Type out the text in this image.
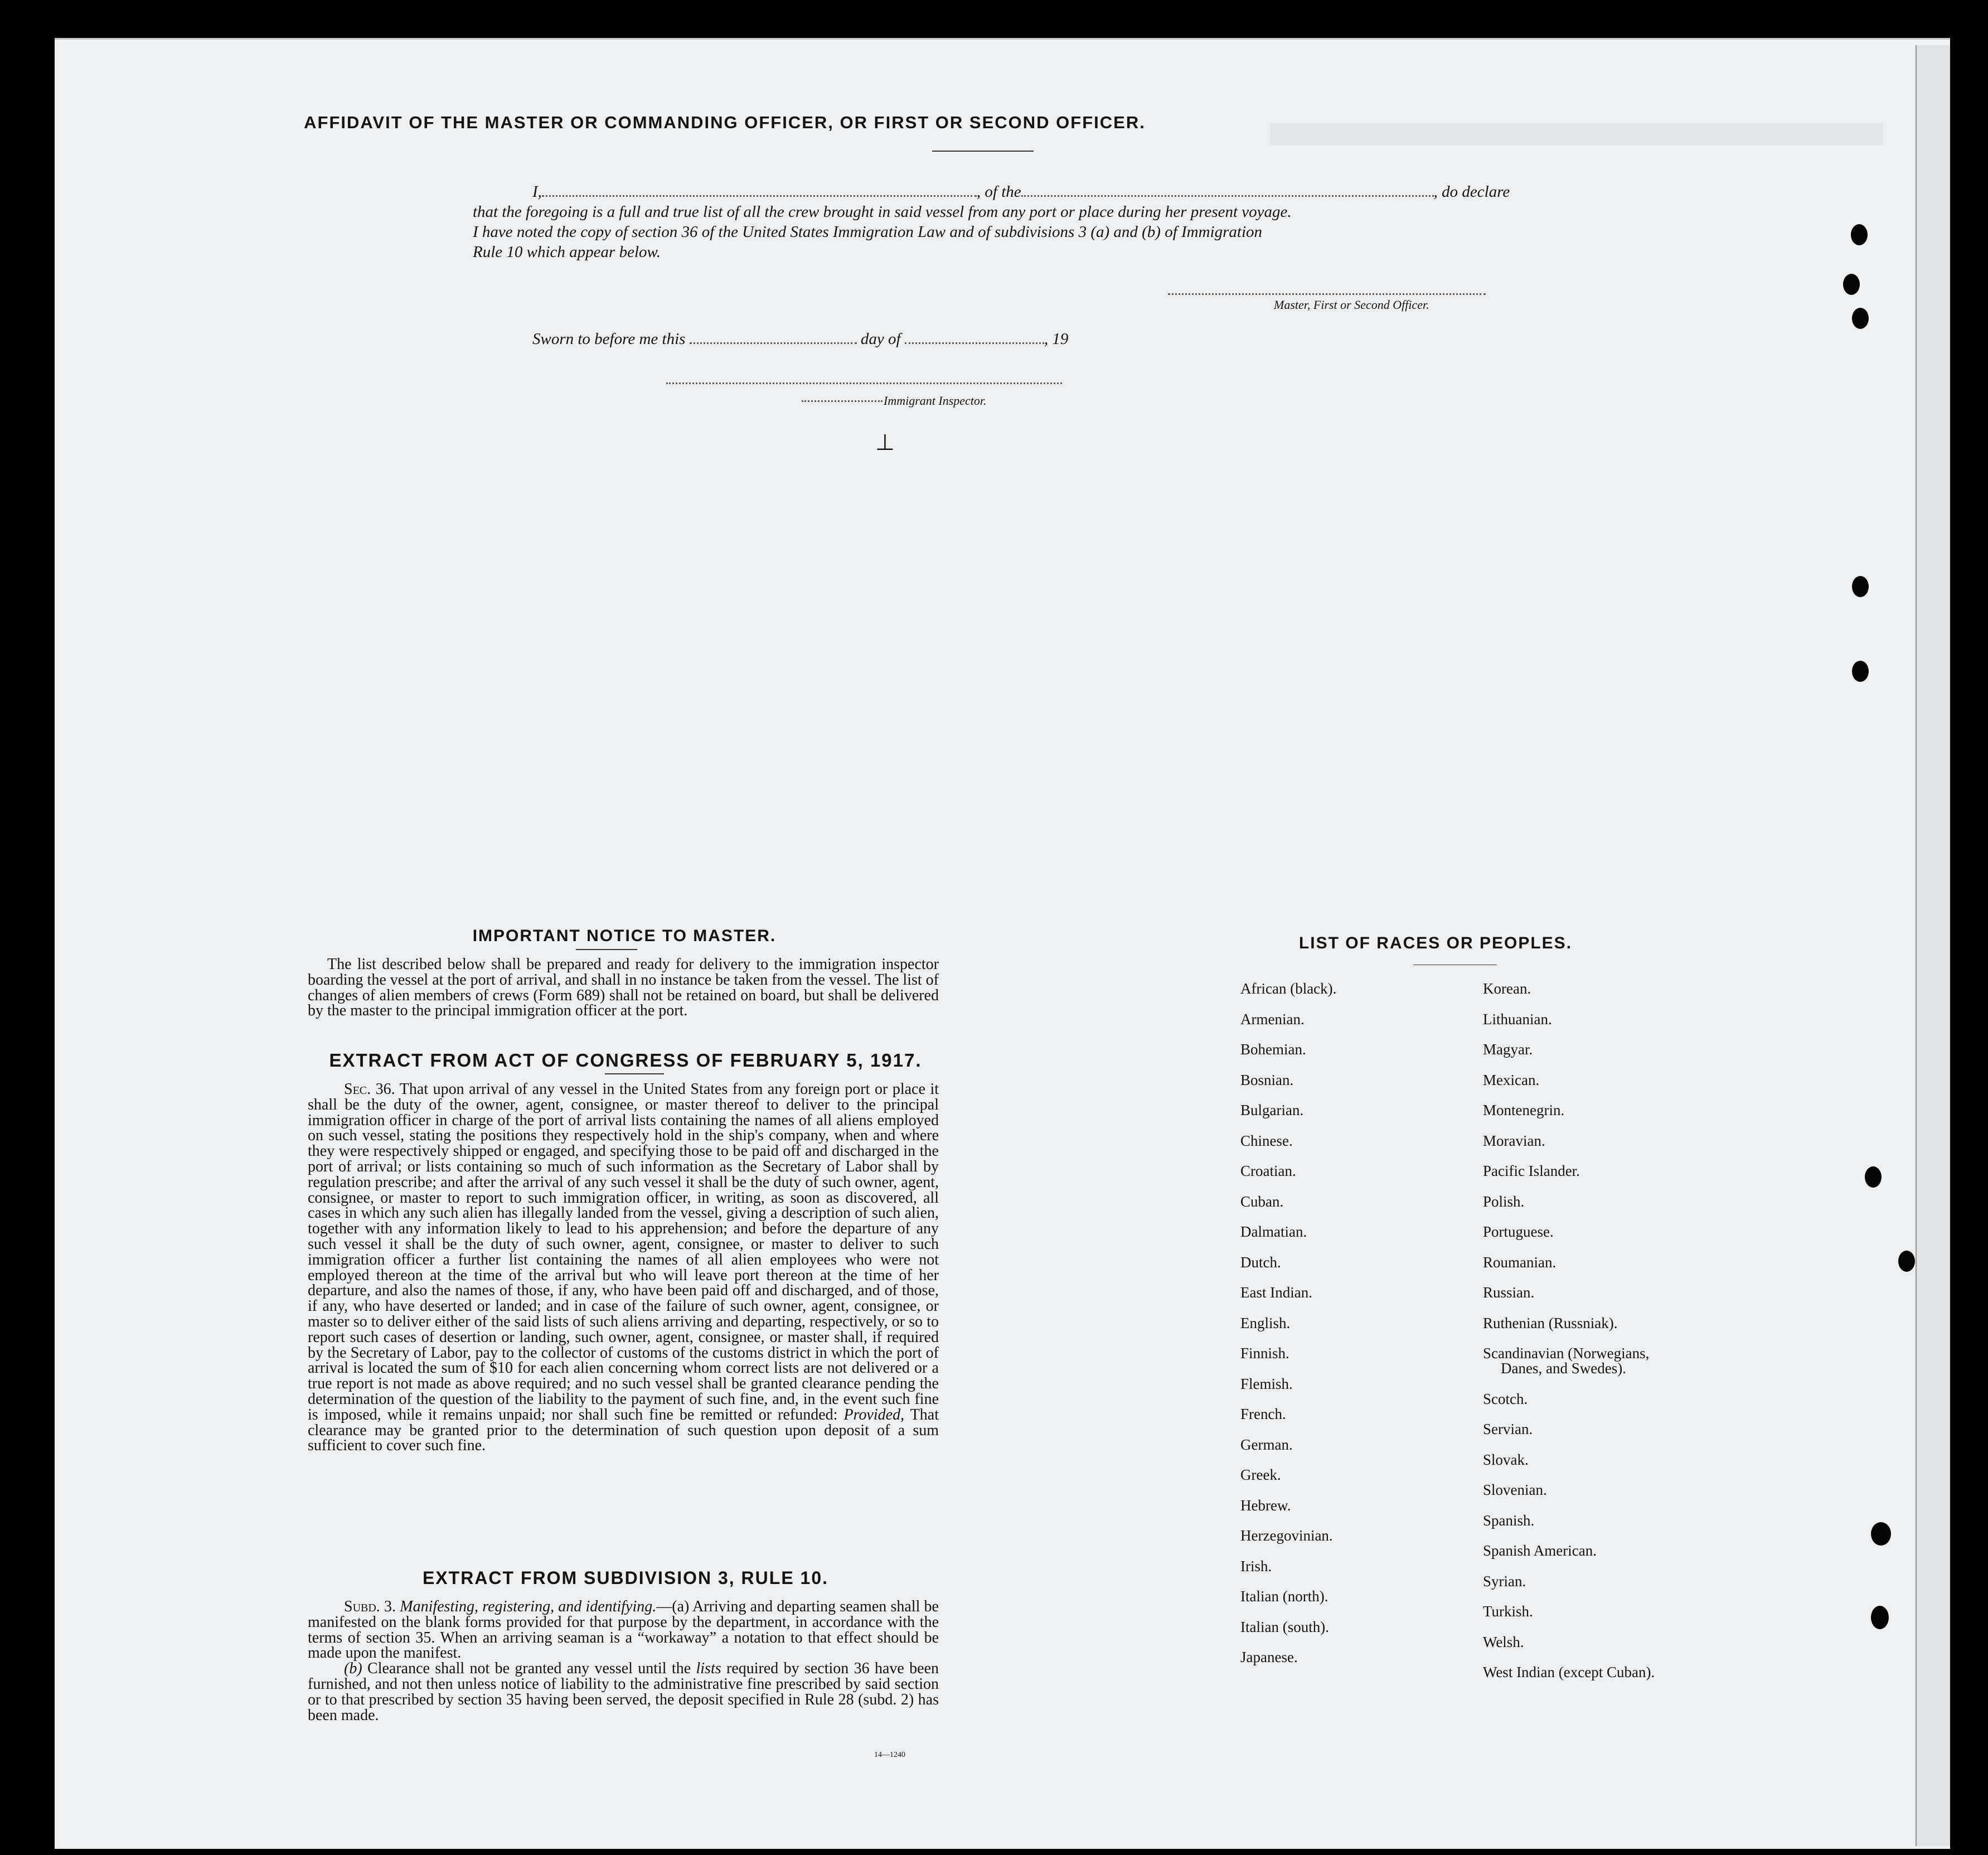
AFFIDAVIT OF THE MASTER OR COMMANDING OFFICER, OR FIRST OR SECOND OFFICER.
I,	, of the	, do declare
that the foregoing is a full and true list of all the crew brought in said vessel from any port or place during her present voyage.
I have noted the copy of section 36 of the United States Immigration Law and of subdivisions 3 (a) and (b) of Immigration
Rule 10 which appear below.
Master, First or Second Officer.
Sworn to before me this	day of	, 19
Immigrant Inspector.
⊥
IMPORTANT NOTICE TO MASTER.

The list described below shall be prepared and ready for delivery to the immigration inspector boarding the vessel at the port of arrival, and shall in no instance be taken from the vessel. The list of changes of alien members of crews (Form 689) shall not be retained on board, but shall be delivered by the master to the principal immigration officer at the port.

EXTRACT FROM ACT OF CONGRESS OF FEBRUARY 5, 1917.

Sec. 36. That upon arrival of any vessel in the United States from any foreign port or place it shall be the duty of the owner, agent, consignee, or master thereof to deliver to the principal immigration officer in charge of the port of arrival lists containing the names of all aliens employed on such vessel, stating the positions they respectively hold in the ship's company, when and where they were respectively shipped or engaged, and specifying those to be paid off and discharged in the port of arrival; or lists containing so much of such information as the Secretary of Labor shall by regulation prescribe; and after the arrival of any such vessel it shall be the duty of such owner, agent, consignee, or master to report to such immigration officer, in writing, as soon as discovered, all cases in which any such alien has illegally landed from the vessel, giving a description of such alien, together with any information likely to lead to his apprehension; and before the departure of any such vessel it shall be the duty of such owner, agent, consignee, or master to deliver to such immigration officer a further list containing the names of all alien employees who were not employed thereon at the time of the arrival but who will leave port thereon at the time of her departure, and also the names of those, if any, who have been paid off and discharged, and of those, if any, who have deserted or landed; and in case of the failure of such owner, agent, consignee, or master so to deliver either of the said lists of such aliens arriving and departing, respectively, or so to report such cases of desertion or landing, such owner, agent, consignee, or master shall, if required by the Secretary of Labor, pay to the collector of customs of the customs district in which the port of arrival is located the sum of $10 for each alien concerning whom correct lists are not delivered or a true report is not made as above required; and no such vessel shall be granted clearance pending the determination of the question of the liability to the payment of such fine, and, in the event such fine is imposed, while it remains unpaid; nor shall such fine be remitted or refunded: Provided, That clearance may be granted prior to the determination of such question upon deposit of a sum sufficient to cover such fine.

EXTRACT FROM SUBDIVISION 3, RULE 10.

Subd. 3. Manifesting, registering, and identifying.—(a) Arriving and departing seamen shall be manifested on the blank forms provided for that purpose by the department, in accordance with the terms of section 35. When an arriving seaman is a “workaway” a notation to that effect should be made upon the manifest.

(b) Clearance shall not be granted any vessel until the lists required by section 36 have been furnished, and not then unless notice of liability to the administrative fine prescribed by said section or to that prescribed by section 35 having been served, the deposit specified in Rule 28 (subd. 2) has been made.

14—1240
LIST OF RACES OR PEOPLES.
African (black).
Armenian.
Bohemian.
Bosnian.
Bulgarian.
Chinese.
Croatian.
Cuban.
Dalmatian.
Dutch.
East Indian.
English.
Finnish.
Flemish.
French.
German.
Greek.
Hebrew.
Herzegovinian.
Irish.
Italian (north).
Italian (south).
Japanese.
Korean.
Lithuanian.
Magyar.
Mexican.
Montenegrin.
Moravian.
Pacific Islander.
Polish.
Portuguese.
Roumanian.
Russian.
Ruthenian (Russniak).
Scandinavian (Norwegians,
Danes, and Swedes).
Scotch.
Servian.
Slovak.
Slovenian.
Spanish.
Spanish American.
Syrian.
Turkish.
Welsh.
West Indian (except Cuban).
